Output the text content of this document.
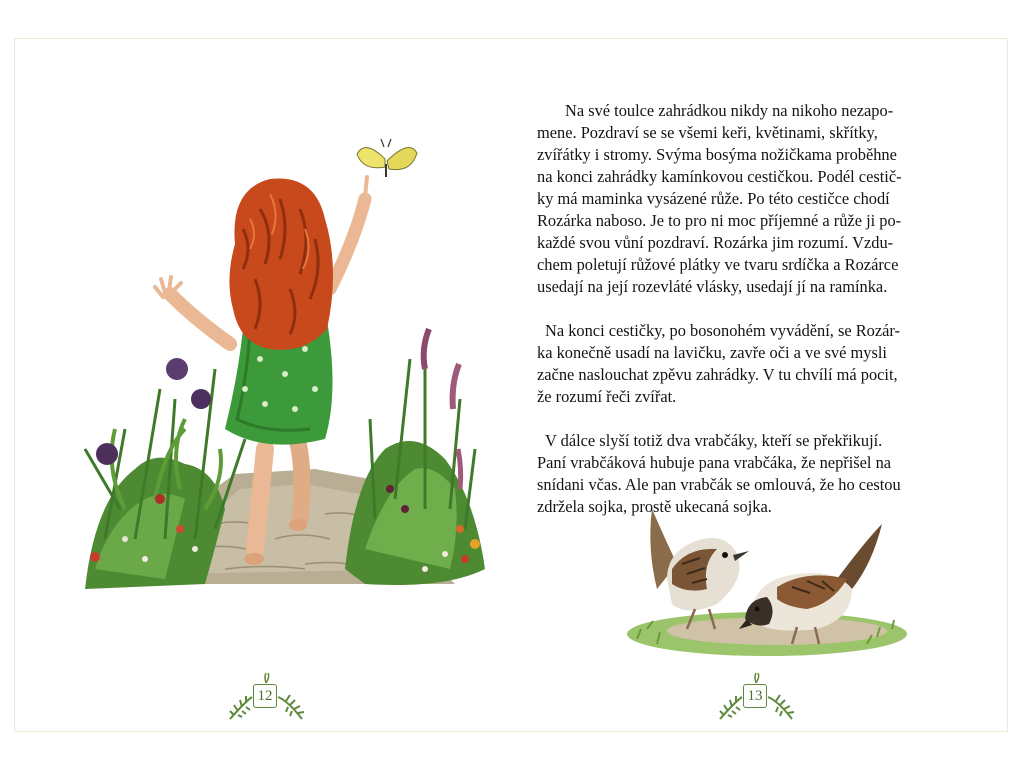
12

Na své toulce zahrádkou nikdy na nikoho nezapo-
mene. Pozdraví se se všemi keři, květinami, skřítky,
zvířátky i stromy. Svýma bosýma nožičkama proběhne
na konci zahrádky kamínkovou cestičkou. Podél cestič-
ky má maminka vysázené růže. Po této cestičce chodí
Rozárka naboso. Je to pro ni moc příjemné a růže ji po-
každé svou vůní pozdraví. Rozárka jim rozumí. Vzdu-
chem poletují růžové plátky ve tvaru srdíčka a Rozárce
usedají na její rozevláté vlásky, usedají jí na ramínka.

Na konci cestičky, po bosonohém vyvádění, se Rozár-
ka konečně usadí na lavičku, zavře oči a ve své mysli
začne naslouchat zpěvu zahrádky. V tu chvílí má pocit,
že rozumí řeči zvířat.

V dálce slyší totiž dva vrabčáky, kteří se překřikují.
Paní vrabčáková hubuje pana vrabčáka, že nepřišel na
snídani včas. Ale pan vrabčák se omlouvá, že ho cestou
zdržela sojka, prostě ukecaná sojka.

13
